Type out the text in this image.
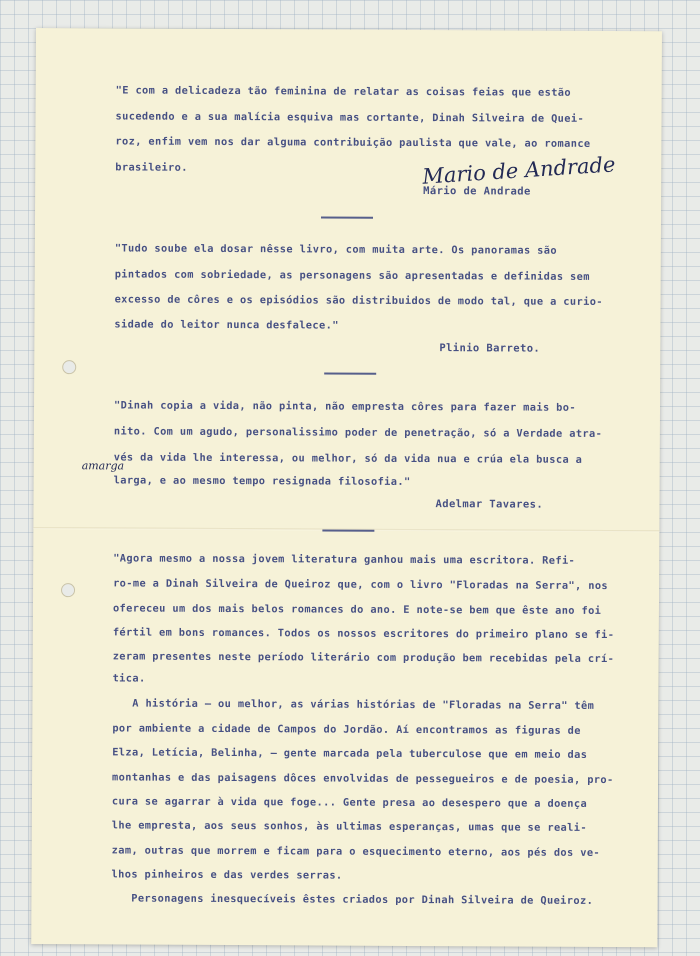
"E com a delicadeza tão feminina de relatar as coisas feias que estão
sucedendo e a sua malícia esquiva mas cortante, Dinah Silveira de Quei-
roz, enfim vem nos dar alguma contribuição paulista que vale, ao romance
brasileiro.	Mario de Andrade
Mário de Andrade
"Tudo soube ela dosar nêsse livro, com muita arte. Os panoramas são
pintados com sobriedade, as personagens são apresentadas e definidas sem
excesso de côres e os episódios são distribuidos de modo tal, que a curio-
sidade do leitor nunca desfalece."
Plinio Barreto.
"Dinah copia a vida, não pinta, não empresta côres para fazer mais bo-
nito. Com um agudo, personalissimo poder de penetração, só a Verdade atra-
vés da vida lhe interessa, ou melhor, só da vida nua e crúa ela busca a
amarga
larga, e ao mesmo tempo resignada filosofia."
Adelmar Tavares.
"Agora mesmo a nossa jovem literatura ganhou mais uma escritora. Refi-
ro-me a Dinah Silveira de Queiroz que, com o livro "Floradas na Serra", nos
ofereceu um dos mais belos romances do ano. E note-se bem que êste ano foi
fértil em bons romances. Todos os nossos escritores do primeiro plano se fi-
zeram presentes neste período literário com produção bem recebidas pela crí-
tica.
A história — ou melhor, as várias histórias de "Floradas na Serra" têm
por ambiente a cidade de Campos do Jordão. Aí encontramos as figuras de
Elza, Letícia, Belinha, — gente marcada pela tuberculose que em meio das
montanhas e das paisagens dôces envolvidas de pessegueiros e de poesia, pro-
cura se agarrar à vida que foge... Gente presa ao desespero que a doença
lhe empresta, aos seus sonhos, às ultimas esperanças, umas que se reali-
zam, outras que morrem e ficam para o esquecimento eterno, aos pés dos ve-
lhos pinheiros e das verdes serras.
Personagens inesquecíveis êstes criados por Dinah Silveira de Queiroz.
